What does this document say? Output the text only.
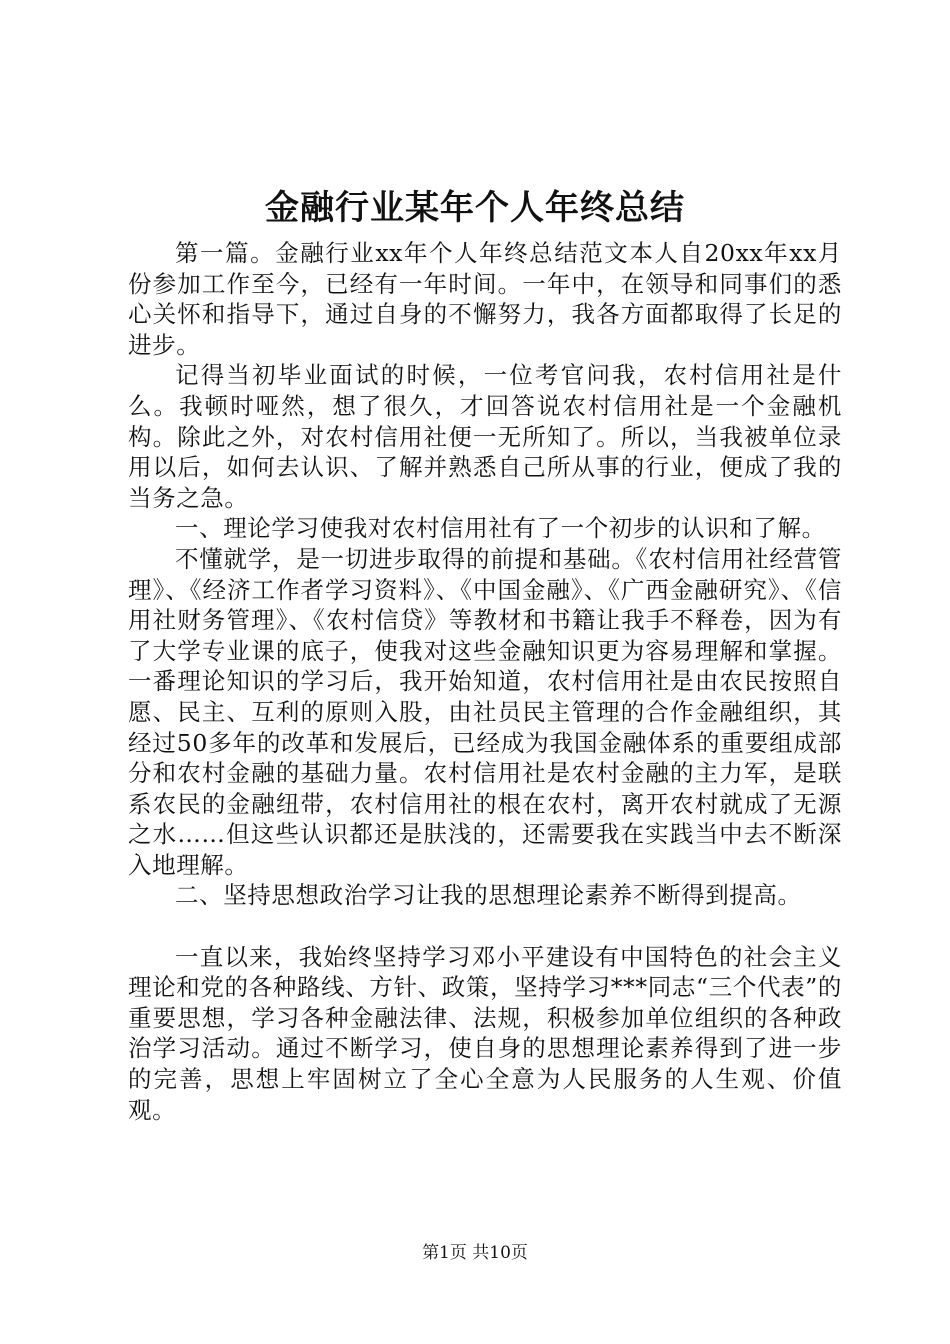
金融行业某年个人年终总结

第一篇。金融行业xx年个人年终总结范文本人自20xx年xx月份参加工作至今，已经有一年时间。一年中，在领导和同事们的悉心关怀和指导下，通过自身的不懈努力，我各方面都取得了长足的进步。

记得当初毕业面试的时候，一位考官问我，农村信用社是什么。我顿时哑然，想了很久，才回答说农村信用社是一个金融机构。除此之外，对农村信用社便一无所知了。所以，当我被单位录用以后，如何去认识、了解并熟悉自己所从事的行业，便成了我的当务之急。

一、理论学习使我对农村信用社有了一个初步的认识和了解。

不懂就学，是一切进步取得的前提和基础。《农村信用社经营管理》、《经济工作者学习资料》、《中国金融》、《广西金融研究》、《信用社财务管理》、《农村信贷》等教材和书籍让我手不释卷，因为有了大学专业课的底子，使我对这些金融知识更为容易理解和掌握。一番理论知识的学习后，我开始知道，农村信用社是由农民按照自愿、民主、互利的原则入股，由社员民主管理的合作金融组织，其经过50多年的改革和发展后，已经成为我国金融体系的重要组成部分和农村金融的基础力量。农村信用社是农村金融的主力军，是联系农民的金融纽带，农村信用社的根在农村，离开农村就成了无源之水……但这些认识都还是肤浅的，还需要我在实践当中去不断深入地理解。

二、坚持思想政治学习让我的思想理论素养不断得到提高。

一直以来，我始终坚持学习邓小平建设有中国特色的社会主义理论和党的各种路线、方针、政策，坚持学习***同志“三个代表”的重要思想，学习各种金融法律、法规，积极参加单位组织的各种政治学习活动。通过不断学习，使自身的思想理论素养得到了进一步的完善，思想上牢固树立了全心全意为人民服务的人生观、价值观。

第1页 共10页
